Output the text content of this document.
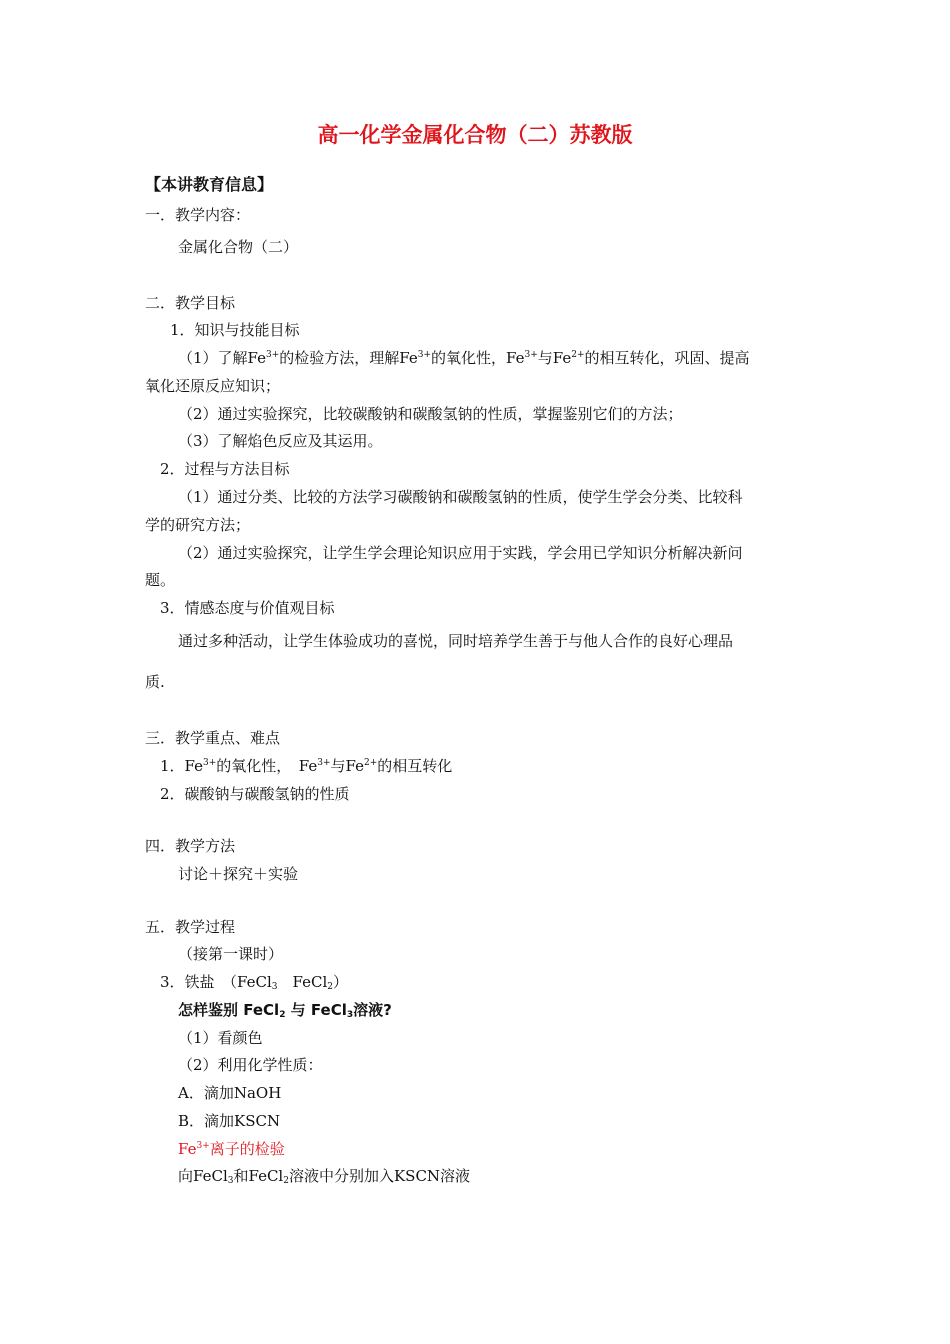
高一化学金属化合物（二）苏教版
【本讲教育信息】
一．教学内容：
金属化合物（二）
二．教学目标
1．知识与技能目标
（1）了解$Fe^{3+}$的检验方法，理解$Fe^{3+}$的氧化性，$Fe^{3+}$与$Fe^{2+}$的相互转化，巩固、提高
氧化还原反应知识；
（2）通过实验探究，比较碳酸钠和碳酸氢钠的性质，掌握鉴别它们的方法；
（3）了解焰色反应及其运用。
2．过程与方法目标
（1）通过分类、比较的方法学习碳酸钠和碳酸氢钠的性质，使学生学会分类、比较科
学的研究方法；
（2）通过实验探究，让学生学会理论知识应用于实践，学会用已学知识分析解决新问
题。
3．情感态度与价值观目标
通过多种活动，让学生体验成功的喜悦，同时培养学生善于与他人合作的良好心理品
质.
三．教学重点、难点
1．$Fe^{3+}$的氧化性，　$Fe^{3+}$与$Fe^{2+}$的相互转化
2．碳酸钠与碳酸氢钠的性质
四．教学方法
讨论＋探究＋实验
五．教学过程
（接第一课时）
3．铁盐　（FeCl$_3$　FeCl$_2$）
怎样鉴别 FeCl$_2$ 与 FeCl$_3$溶液?
（1）看颜色
（2）利用化学性质：
A．滴加NaOH
B．滴加KSCN
$Fe^{3+}$离子的检验
向FeCl$_3$和FeCl$_2$溶液中分别加入KSCN溶液
